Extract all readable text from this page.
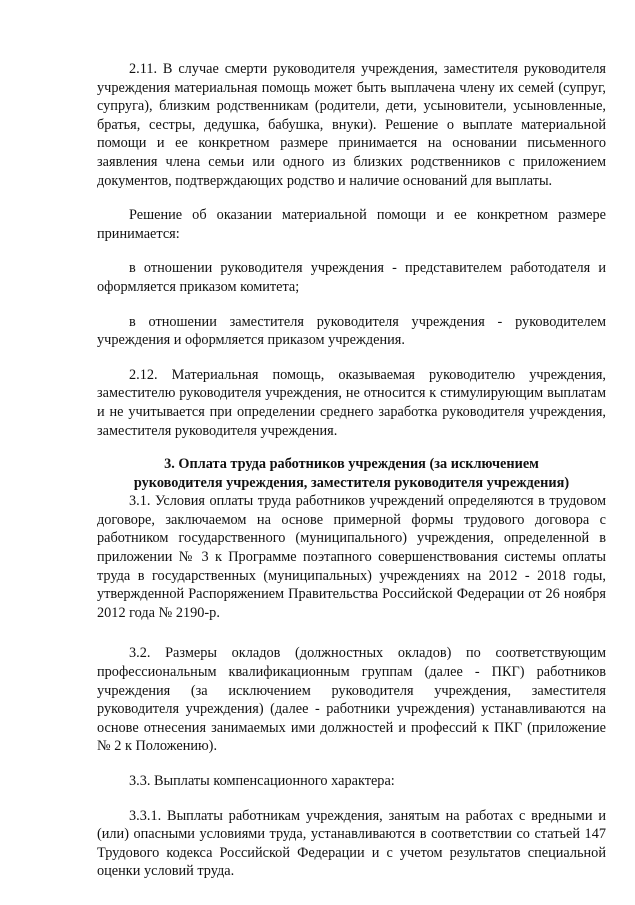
2.11. В случае смерти руководителя учреждения, заместителя руководителя учреждения материальная помощь может быть выплачена члену их семей (супруг, супруга), близким родственникам (родители, дети, усыновители, усыновленные, братья, сестры, дедушка, бабушка, внуки). Решение о выплате материальной помощи и ее конкретном размере принимается на основании письменного заявления члена семьи или одного из близких родственников с приложением документов, подтверждающих родство и наличие оснований для выплаты.

Решение об оказании материальной помощи и ее конкретном размере принимается:

в отношении руководителя учреждения - представителем работодателя и оформляется приказом комитета;

в отношении заместителя руководителя учреждения - руководителем учреждения и оформляется приказом учреждения.

2.12. Материальная помощь, оказываемая руководителю учреждения, заместителю руководителя учреждения, не относится к стимулирующим выплатам и не учитывается при определении среднего заработка руководителя учреждения, заместителя руководителя учреждения.

3. Оплата труда работников учреждения (за исключением
руководителя учреждения, заместителя руководителя учреждения)

3.1. Условия оплаты труда работников учреждений определяются в трудовом договоре, заключаемом на основе примерной формы трудового договора с работником государственного (муниципального) учреждения, определенной в приложении № 3 к Программе поэтапного совершенствования системы оплаты труда в государственных (муниципальных) учреждениях на 2012 - 2018 годы, утвержденной Распоряжением Правительства Российской Федерации от 26 ноября 2012 года № 2190-р.

3.2. Размеры окладов (должностных окладов) по соответствующим профессиональным квалификационным группам (далее - ПКГ) работников учреждения (за исключением руководителя учреждения, заместителя руководителя учреждения) (далее - работники учреждения) устанавливаются на основе отнесения занимаемых ими должностей и профессий к ПКГ (приложение № 2 к Положению).

3.3. Выплаты компенсационного характера:

3.3.1. Выплаты работникам учреждения, занятым на работах с вредными и (или) опасными условиями труда, устанавливаются в соответствии со статьей 147 Трудового кодекса Российской Федерации и с учетом результатов специальной оценки условий труда.
